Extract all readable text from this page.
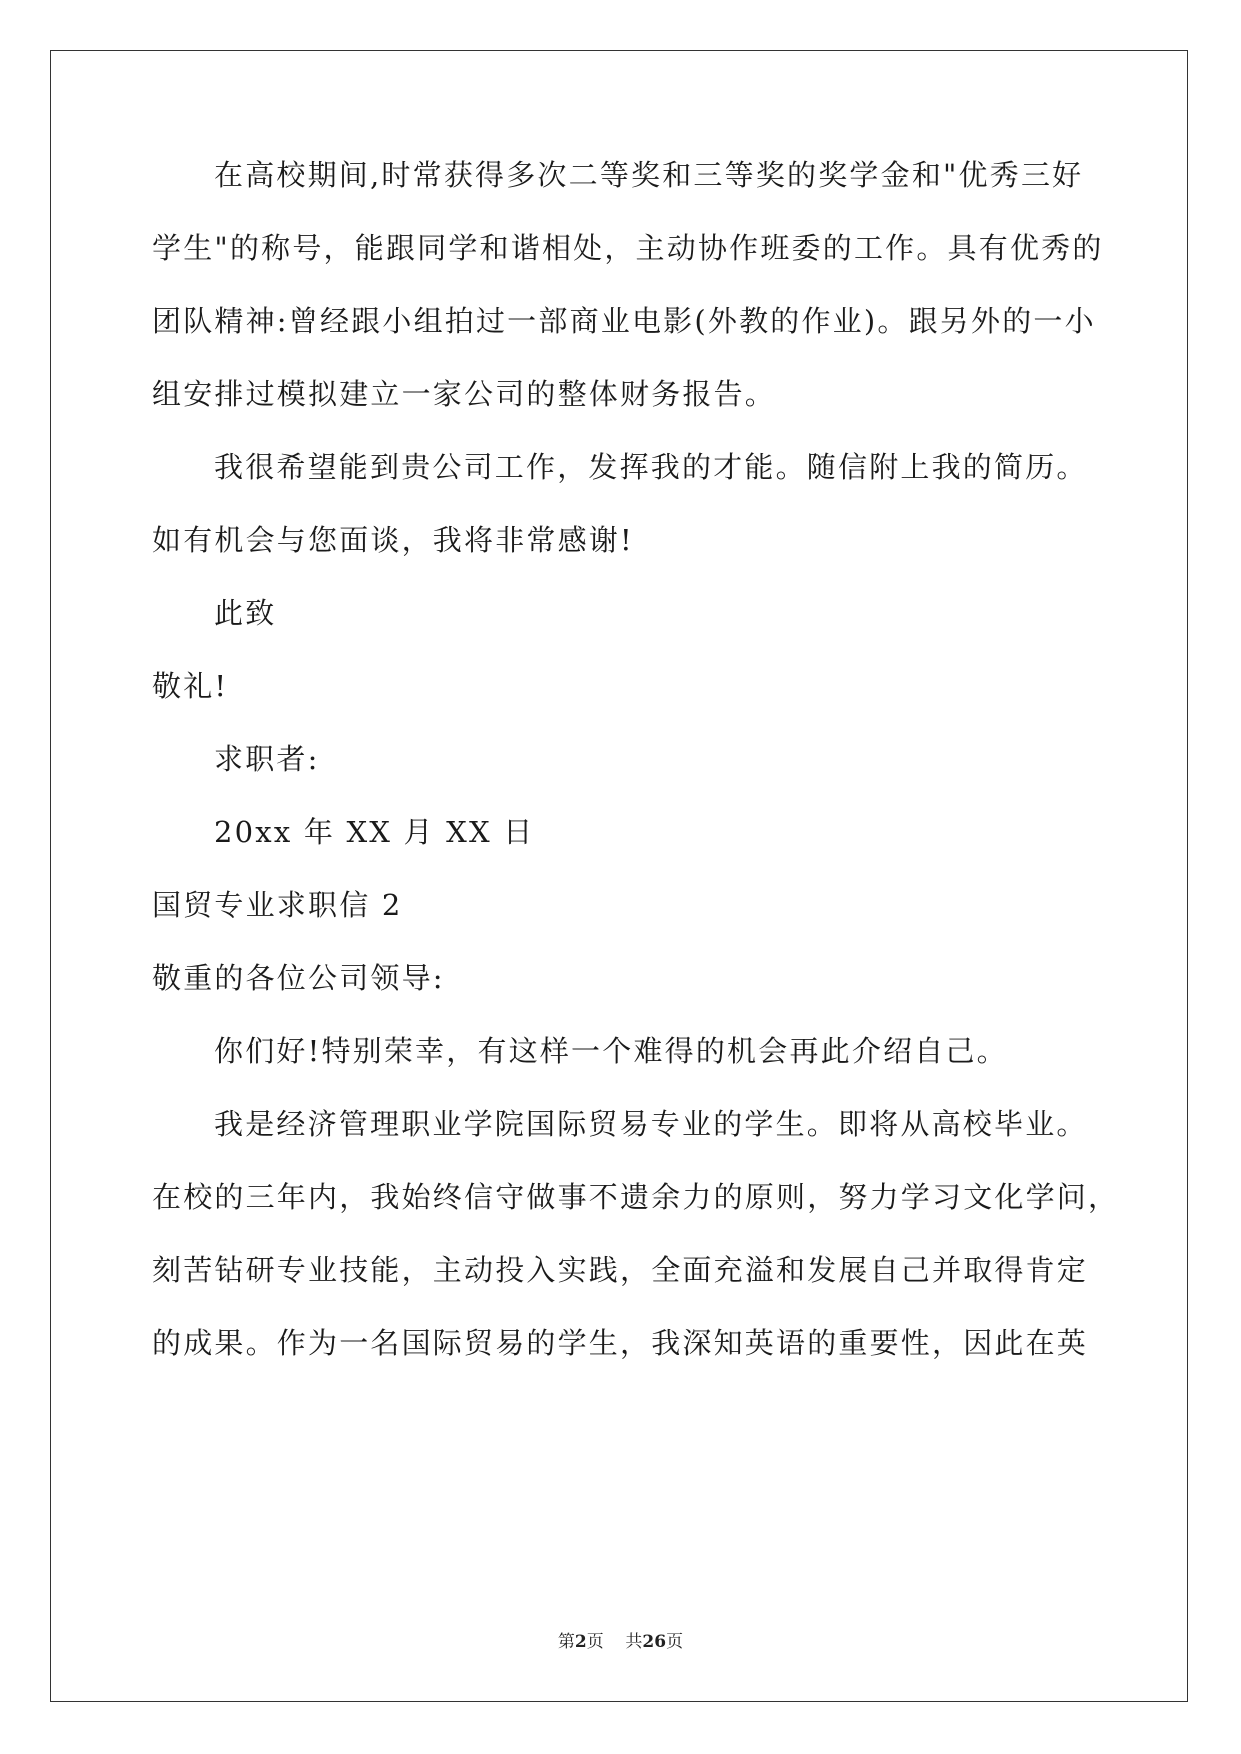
在高校期间,时常获得多次二等奖和三等奖的奖学金和"优秀三好
学生"的称号，能跟同学和谐相处，主动协作班委的工作。具有优秀的
团队精神:曾经跟小组拍过一部商业电影(外教的作业)。跟另外的一小
组安排过模拟建立一家公司的整体财务报告。
我很希望能到贵公司工作，发挥我的才能。随信附上我的简历。
如有机会与您面谈，我将非常感谢!
此致
敬礼!
求职者:
20xx 年 XX 月 XX 日
国贸专业求职信 2
敬重的各位公司领导:
你们好!特别荣幸，有这样一个难得的机会再此介绍自己。
我是经济管理职业学院国际贸易专业的学生。即将从高校毕业。
在校的三年内，我始终信守做事不遗余力的原则，努力学习文化学问，
刻苦钻研专业技能，主动投入实践，全面充溢和发展自己并取得肯定
的成果。作为一名国际贸易的学生，我深知英语的重要性，因此在英
第2页 共26页
